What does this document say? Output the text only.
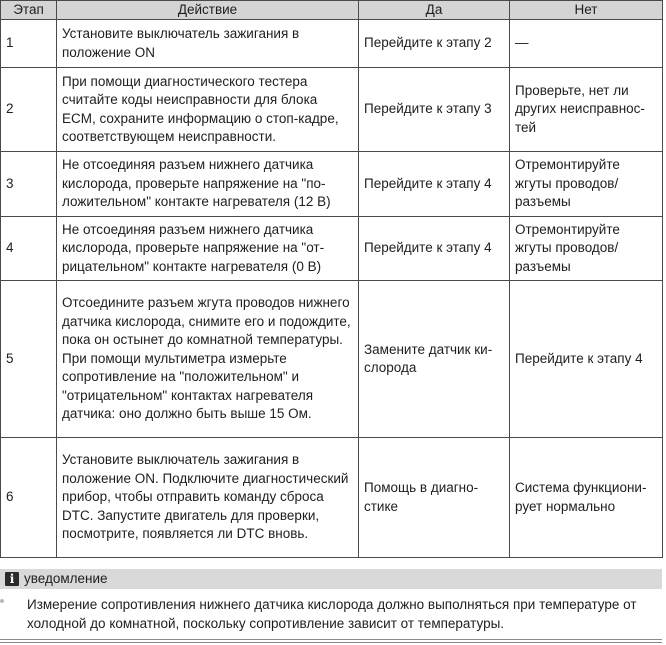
Этап	Действие	Да	Нет
1	Установите выключатель зажигания в положение ON	Перейдите к этапу 2	—
2	При помощи диагностического тестера считайте коды неисправности для блока ECM, сохраните информацию о стоп-кадре, соответствующем неисправности.	Перейдите к этапу 3	Проверьте, нет ли других неисправностей
3	Не отсоединяя разъем нижнего датчика кислорода, проверьте напряжение на "положительном" контакте нагревателя (12 В)	Перейдите к этапу 4	Отремонтируйте жгуты проводов/ разъемы
4	Не отсоединяя разъем нижнего датчика кислорода, проверьте напряжение на "отрицательном" контакте нагревателя (0 В)	Перейдите к этапу 4	Отремонтируйте жгуты проводов/ разъемы
5	Отсоедините разъем жгута проводов нижнего датчика кислорода, снимите его и подождите, пока он остынет до комнатной температуры. При помощи мультиметра измерьте сопротивление на "положительном" и "отрицательном" контактах нагревателя датчика: оно должно быть выше 15 Ом.	Замените датчик кислорода	Перейдите к этапу 4
6	Установите выключатель зажигания в положение ON. Подключите диагностический прибор, чтобы отправить команду сброса DTC. Запустите двигатель для проверки, посмотрите, появляется ли DTC вновь.	Помощь в диагностике	Система функционирует нормально
i уведомление
Измерение сопротивления нижнего датчика кислорода должно выполняться при температуре от холодной до комнатной, поскольку сопротивление зависит от температуры.
